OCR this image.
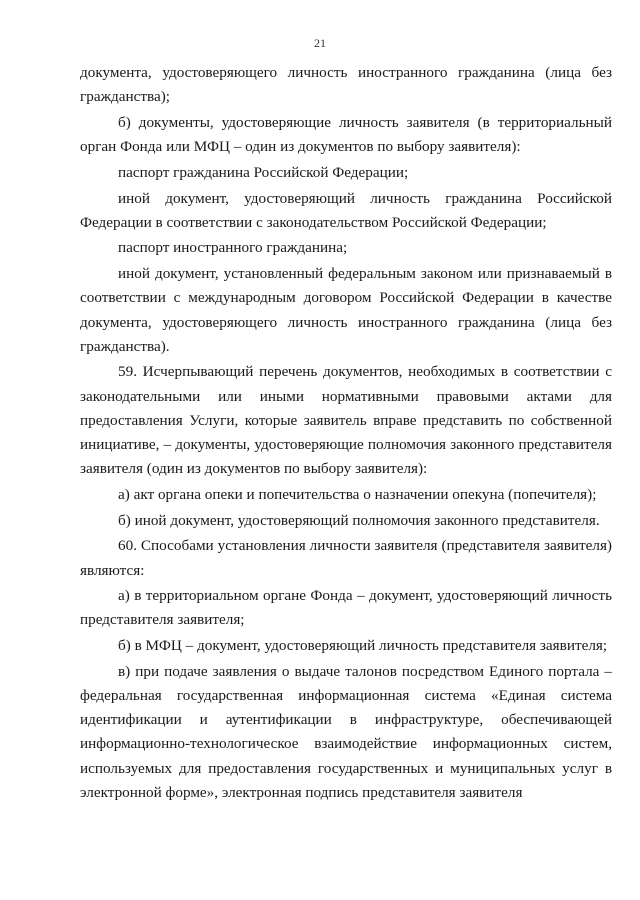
21

документа, удостоверяющего личность иностранного гражданина (лица без гражданства);

б) документы, удостоверяющие личность заявителя (в территориальный орган Фонда или МФЦ – один из документов по выбору заявителя):

паспорт гражданина Российской Федерации;

иной документ, удостоверяющий личность гражданина Российской Федерации в соответствии с законодательством Российской Федерации;

паспорт иностранного гражданина;

иной документ, установленный федеральным законом или признаваемый в соответствии с международным договором Российской Федерации в качестве документа, удостоверяющего личность иностранного гражданина (лица без гражданства).

59. Исчерпывающий перечень документов, необходимых в соответствии с законодательными или иными нормативными правовыми актами для предоставления Услуги, которые заявитель вправе представить по собственной инициативе, – документы, удостоверяющие полномочия законного представителя заявителя (один из документов по выбору заявителя):

а) акт органа опеки и попечительства о назначении опекуна (попечителя);

б) иной документ, удостоверяющий полномочия законного представителя.

60. Способами установления личности заявителя (представителя заявителя) являются:

а) в территориальном органе Фонда – документ, удостоверяющий личность представителя заявителя;

б) в МФЦ – документ, удостоверяющий личность представителя заявителя;

в) при подаче заявления о выдаче талонов посредством Единого портала – федеральная государственная информационная система «Единая система идентификации и аутентификации в инфраструктуре, обеспечивающей информационно-технологическое взаимодействие информационных систем, используемых для предоставления государственных и муниципальных услуг в электронной форме», электронная подпись представителя заявителя
